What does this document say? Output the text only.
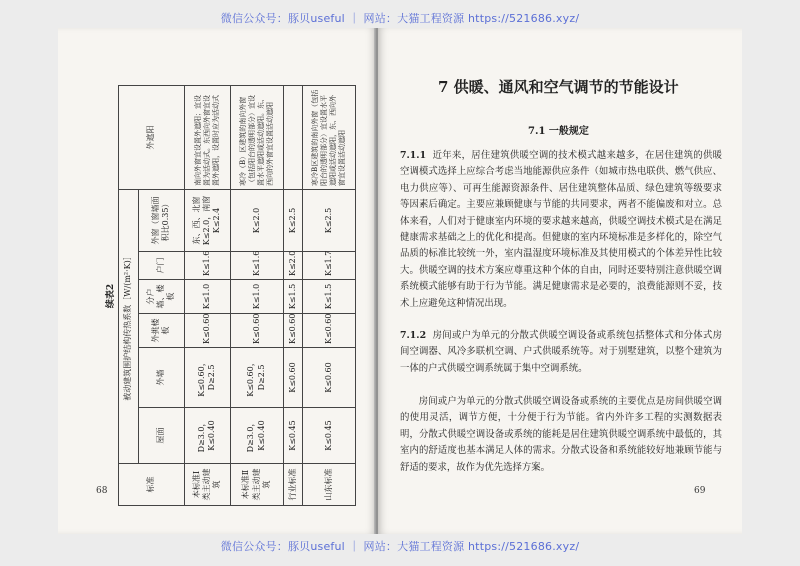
微信公众号：豚贝useful ｜ 网站：大猫工程资源 https://521686.xyz/
续表2
标准	被动建筑围护结构传热系数［W/(m²·K)］						外遮阳
	屋面	外墙	外挑楼板	分户墙、楼板	户门	外窗（窗墙面积比0.35）	
本标准Ⅰ类主动建筑	D≥3.0，K≤0.40	K≤0.60，D≥2.5	K≤0.60	K≤1.0	K≤1.6	东、西、北窗K≤2.0，南窗K≤2.4	南向外窗宜设置外遮阳；宜设置为活动式。东西向外窗宜设置外遮阳，设置时应为活动式
本标准Ⅱ类主动建筑	D≥3.0，K≤0.40	K≤0.60，D≥2.5	K≤0.60	K≤1.0	K≤1.6	K≤2.0	寒冷（B）区建筑的南向外窗（包括阳台的透明部分）宜设置水平遮阳或活动遮阳。东、西向的外窗宜设置活动遮阳
行业标准	K≤0.45	K≤0.60	K≤0.60	K≤1.5	K≤2.0	K≤2.5	
山东标准	K≤0.45	K≤0.60	K≤0.60	K≤1.5	K≤1.7	K≤2.5	寒冷B区建筑的南向外窗（包括阳台的透明部分）宜设置水平遮阳或活动遮阳，东、西向外窗宜设置活动遮阳
68
7 供暖、通风和空气调节的节能设计
7.1 一般规定
7.1.1 近年来，居住建筑供暖空调的技术模式越来越多，在居住建筑的供暖空调模式选择上应综合考虑当地能源供应条件（如城市热电联供、燃气供应、电力供应等）、可再生能源资源条件、居住建筑整体品质、绿色建筑等级要求等因素后确定。主要应兼顾健康与节能的共同要求，两者不能偏废和对立。总体来看，人们对于健康室内环境的要求越来越高，供暖空调技术模式是在满足健康需求基础之上的优化和提高。但健康的室内环境标准是多样化的，除空气品质的标准比较统一外，室内温湿度环境标准及其使用模式的个体差异性比较大。供暖空调的技术方案应尊重这种个体的自由，同时还要特别注意供暖空调系统模式能够有助于行为节能。满足健康需求是必要的，浪费能源则不妥，技术上应避免这种情况出现。
7.1.2 房间或户为单元的分散式供暖空调设备或系统包括整体式和分体式房间空调器、风冷多联机空调、户式供暖系统等。对于别墅建筑，以整个建筑为一体的户式供暖空调系统属于集中空调系统。
房间或户为单元的分散式供暖空调设备或系统的主要优点是房间供暖空调的使用灵活，调节方便，十分便于行为节能。省内外许多工程的实测数据表明，分散式供暖空调设备或系统的能耗是居住建筑供暖空调系统中最低的，其室内的舒适度也基本满足人体的需求。分散式设备和系统能较好地兼顾节能与舒适的要求，故作为优先选择方案。
69
微信公众号：豚贝useful ｜ 网站：大猫工程资源 https://521686.xyz/
